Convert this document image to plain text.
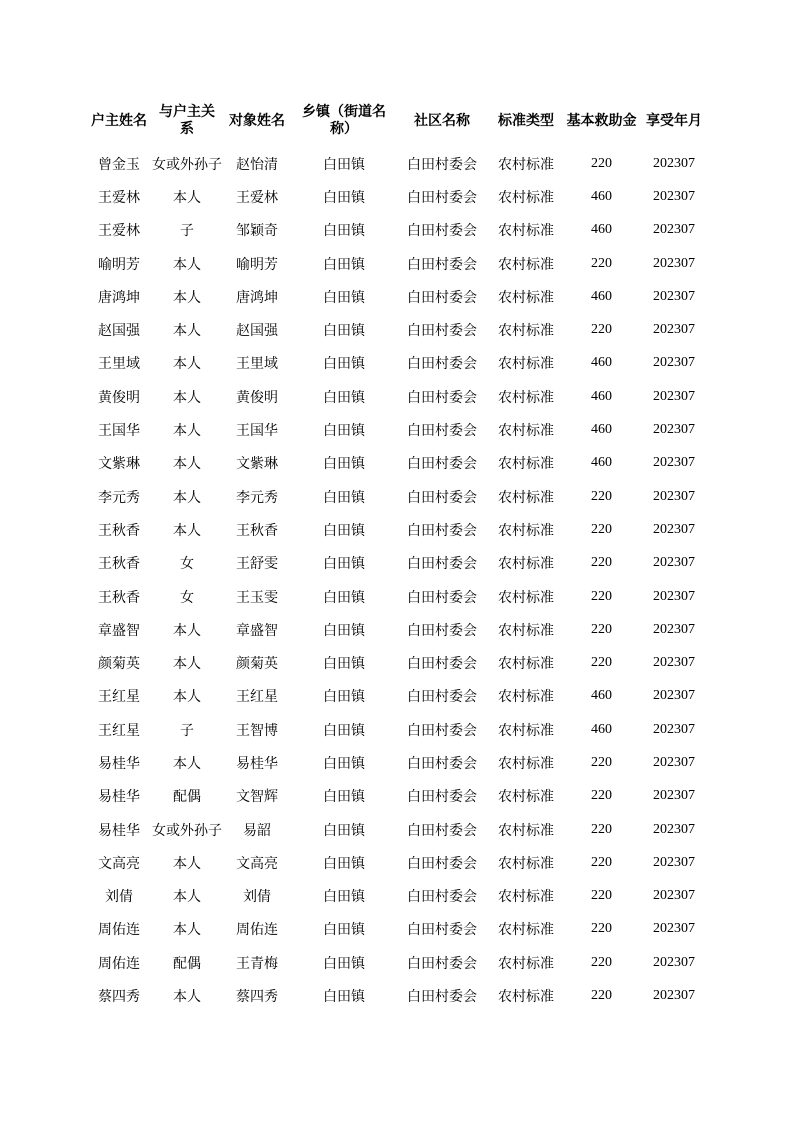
户主姓名	与户主关系	对象姓名	乡镇（街道名称）	社区名称	标准类型	基本救助金	享受年月

曾金玉	女或外孙子	赵怡清	白田镇	白田村委会	农村标准	220	202307
王爱林	本人	王爱林	白田镇	白田村委会	农村标准	460	202307
王爱林	子	邹颖奇	白田镇	白田村委会	农村标准	460	202307
喻明芳	本人	喻明芳	白田镇	白田村委会	农村标准	220	202307
唐鸿坤	本人	唐鸿坤	白田镇	白田村委会	农村标准	460	202307
赵国强	本人	赵国强	白田镇	白田村委会	农村标准	220	202307
王里域	本人	王里域	白田镇	白田村委会	农村标准	460	202307
黄俊明	本人	黄俊明	白田镇	白田村委会	农村标准	460	202307
王国华	本人	王国华	白田镇	白田村委会	农村标准	460	202307
文紫琳	本人	文紫琳	白田镇	白田村委会	农村标准	460	202307
李元秀	本人	李元秀	白田镇	白田村委会	农村标准	220	202307
王秋香	本人	王秋香	白田镇	白田村委会	农村标准	220	202307
王秋香	女	王舒雯	白田镇	白田村委会	农村标准	220	202307
王秋香	女	王玉雯	白田镇	白田村委会	农村标准	220	202307
章盛智	本人	章盛智	白田镇	白田村委会	农村标准	220	202307
颜菊英	本人	颜菊英	白田镇	白田村委会	农村标准	220	202307
王红星	本人	王红星	白田镇	白田村委会	农村标准	460	202307
王红星	子	王智博	白田镇	白田村委会	农村标准	460	202307
易桂华	本人	易桂华	白田镇	白田村委会	农村标准	220	202307
易桂华	配偶	文智辉	白田镇	白田村委会	农村标准	220	202307
易桂华	女或外孙子	易韶	白田镇	白田村委会	农村标准	220	202307
文高亮	本人	文高亮	白田镇	白田村委会	农村标准	220	202307
刘倩	本人	刘倩	白田镇	白田村委会	农村标准	220	202307
周佑连	本人	周佑连	白田镇	白田村委会	农村标准	220	202307
周佑连	配偶	王青梅	白田镇	白田村委会	农村标准	220	202307
蔡四秀	本人	蔡四秀	白田镇	白田村委会	农村标准	220	202307
